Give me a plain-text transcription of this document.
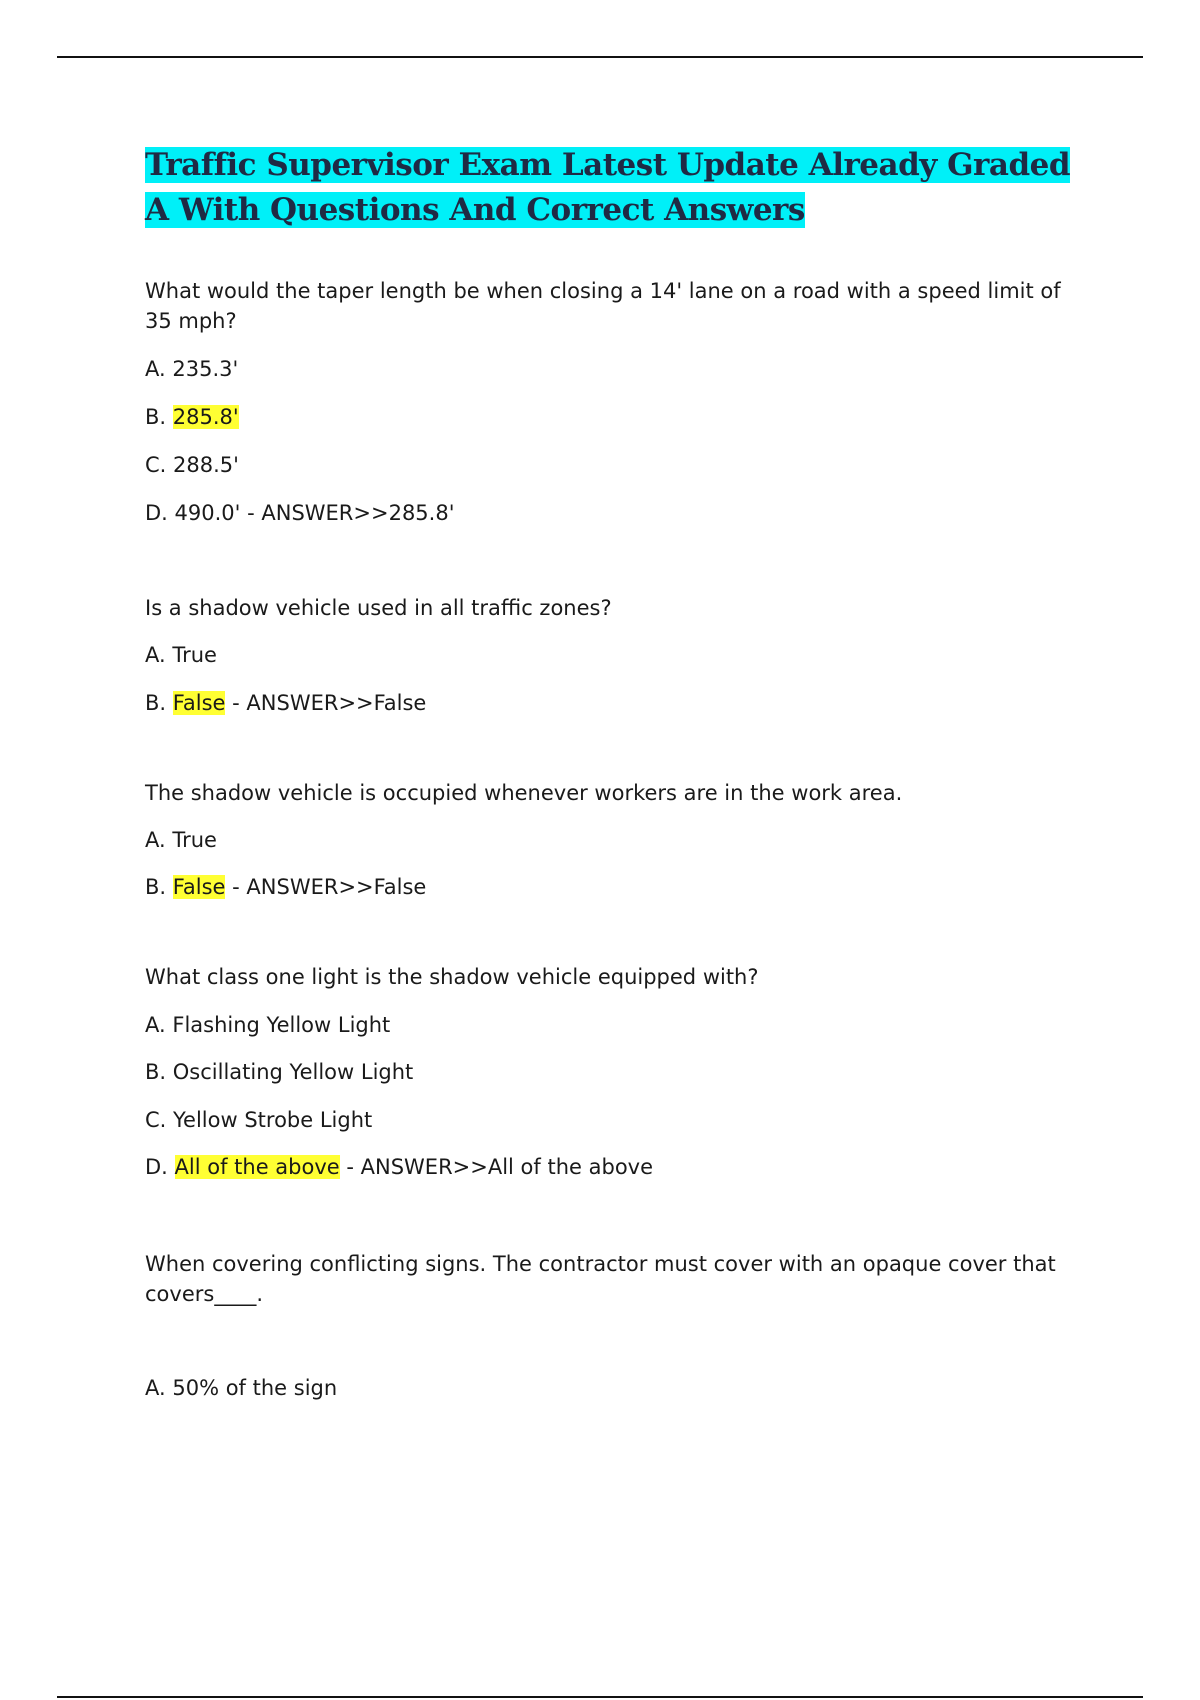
Traffic Supervisor Exam Latest Update Already Graded A With Questions And Correct Answers

What would the taper length be when closing a 14' lane on a road with a speed limit of 35 mph?

A. 235.3'

B. 285.8'

C. 288.5'

D. 490.0' - ANSWER>>285.8'

Is a shadow vehicle used in all traffic zones?

A. True

B. False - ANSWER>>False

The shadow vehicle is occupied whenever workers are in the work area.

A. True

B. False - ANSWER>>False

What class one light is the shadow vehicle equipped with?

A. Flashing Yellow Light

B. Oscillating Yellow Light

C. Yellow Strobe Light

D. All of the above - ANSWER>>All of the above

When covering conflicting signs. The contractor must cover with an opaque cover that covers____.

A. 50% of the sign
